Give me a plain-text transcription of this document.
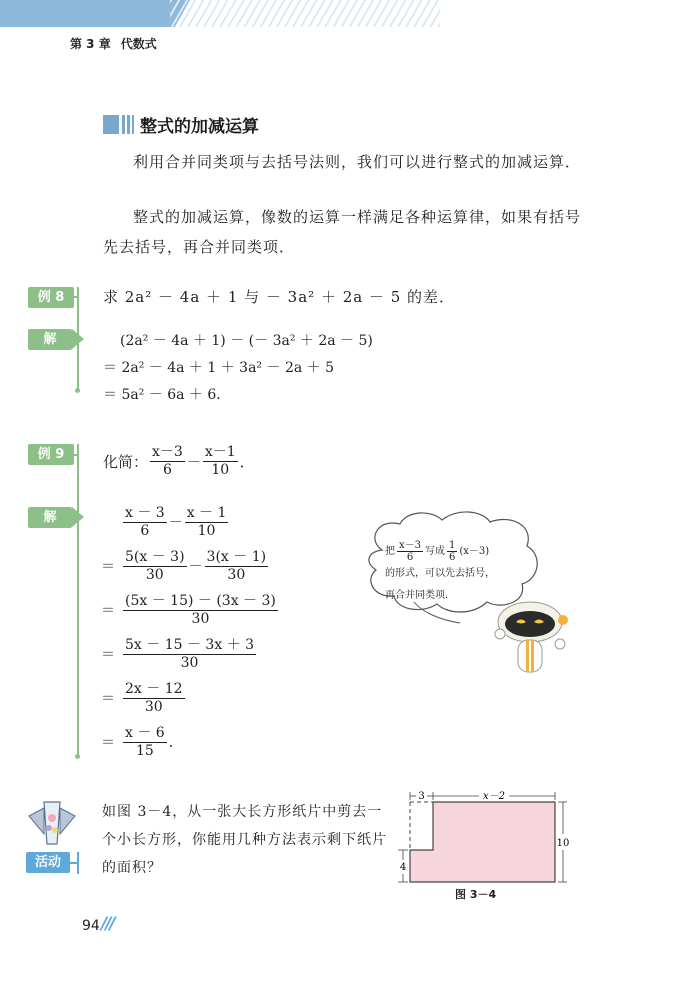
第 3 章 代数式
整式的加减运算
利用合并同类项与去括号法则，我们可以进行整式的加减运算．
整式的加减运算，像数的运算一样满足各种运算律，如果有括号先去括号，再合并同类项．
例 8	求 2a² － 4a ＋ 1 与 － 3a² ＋ 2a － 5 的差．
解	(2a² － 4a ＋ 1) － (－ 3a² ＋ 2a － 5)
＝ 2a² － 4a ＋ 1 ＋ 3a² － 2a ＋ 5
＝ 5a² － 6a ＋ 6．
例 9	化简： $\frac{x-3}{6} - \frac{x-1}{10}$ ．
解	$\frac{x - 3}{6} - \frac{x - 1}{10}$
＝ $\frac{5(x - 3)}{30} - \frac{3(x - 1)}{30}$
＝ $\frac{(5x - 15) - (3x - 3)}{30}$
＝ $\frac{5x - 15 - 3x + 3}{30}$
＝ $\frac{2x - 12}{30}$
＝ $\frac{x - 6}{15}$ ．
把 $\frac{x-3}{6}$ 写成 $\frac{1}{6} (x-3)$
的形式，可以先去括号，
再合并同类项．
活动
如图 3－4，从一张大长方形纸片中剪去一个小长方形，你能用几种方法表示剩下纸片的面积？
3	x－2
10
4
图 3－4
94 ///
